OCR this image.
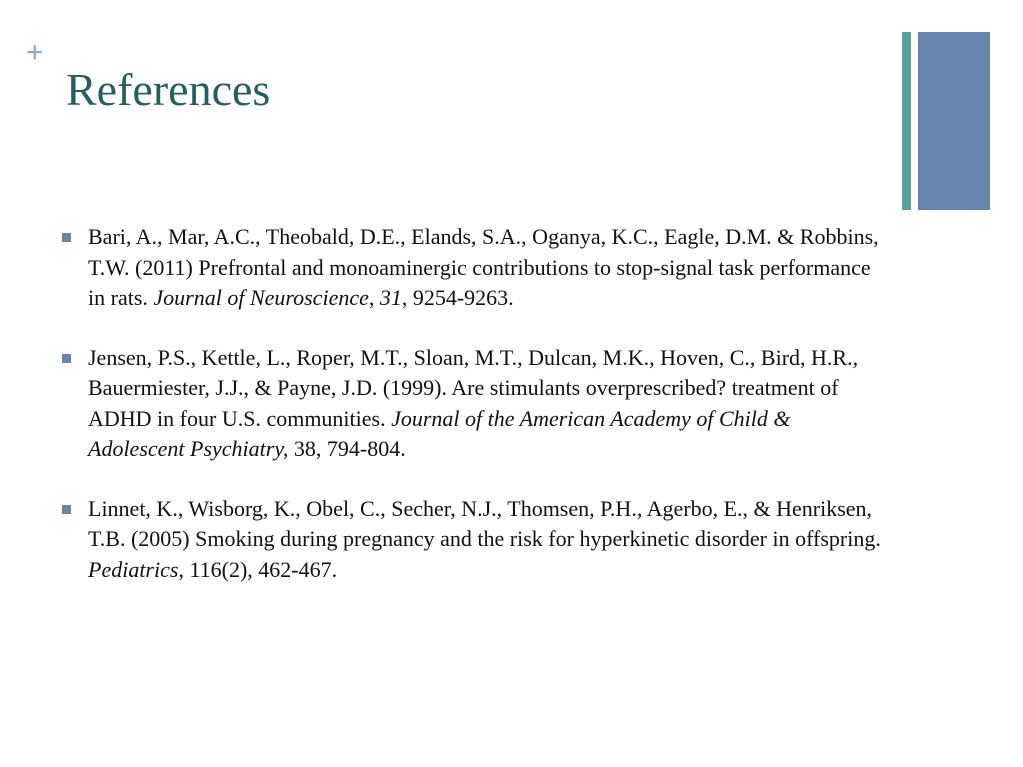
+
References
Bari, A., Mar, A.C., Theobald, D.E., Elands, S.A., Oganya, K.C., Eagle, D.M. & Robbins, T.W. (2011) Prefrontal and monoaminergic contributions to stop-signal task performance in rats. Journal of Neuroscience, 31, 9254-9263.
Jensen, P.S., Kettle, L., Roper, M.T., Sloan, M.T., Dulcan, M.K., Hoven, C., Bird, H.R., Bauermiester, J.J., & Payne, J.D. (1999). Are stimulants overprescribed? treatment of ADHD in four U.S. communities. Journal of the American Academy of Child & Adolescent Psychiatry, 38, 794-804.
Linnet, K., Wisborg, K., Obel, C., Secher, N.J., Thomsen, P.H., Agerbo, E., & Henriksen, T.B. (2005) Smoking during pregnancy and the risk for hyperkinetic disorder in offspring. Pediatrics, 116(2), 462-467.
